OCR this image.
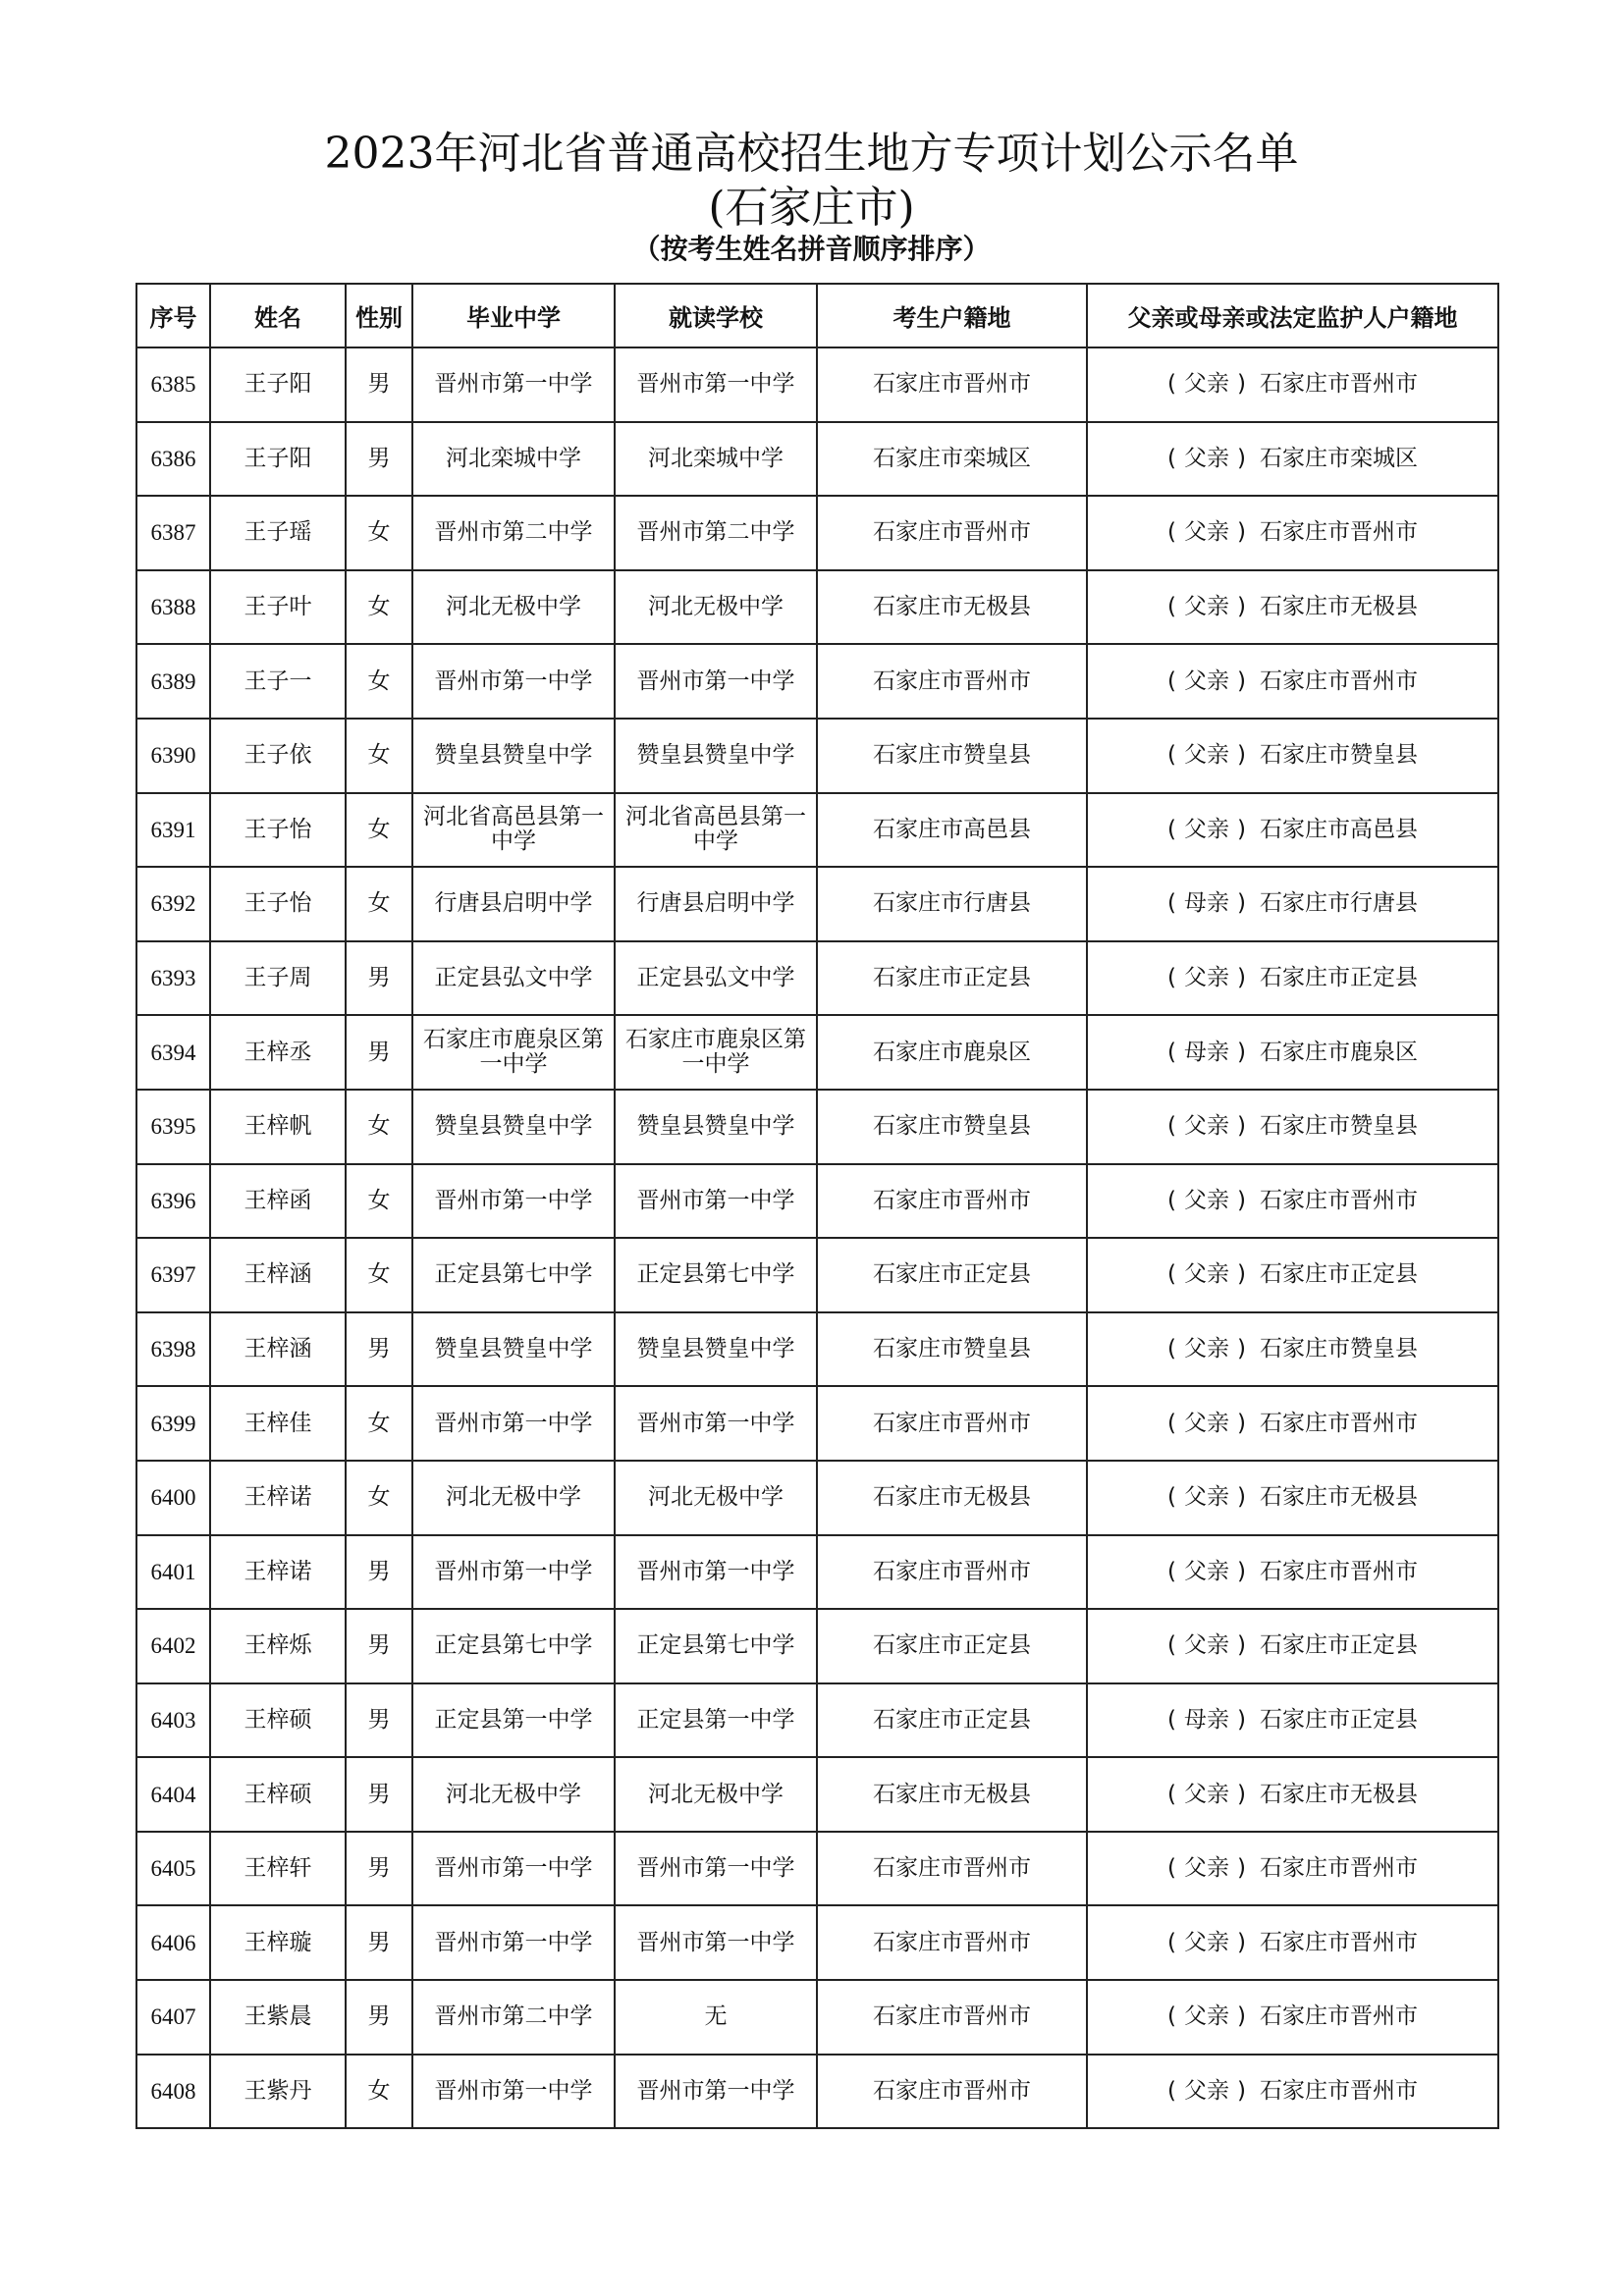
2023年河北省普通高校招生地方专项计划公示名单
(石家庄市)
（按考生姓名拼音顺序排序）
序号	姓名	性别	毕业中学	就读学校	考生户籍地	父亲或母亲或法定监护人户籍地
6385	王子阳	男	晋州市第一中学	晋州市第一中学	石家庄市晋州市	( 父亲 ) 石家庄市晋州市
6386	王子阳	男	河北栾城中学	河北栾城中学	石家庄市栾城区	( 父亲 ) 石家庄市栾城区
6387	王子瑶	女	晋州市第二中学	晋州市第二中学	石家庄市晋州市	( 父亲 ) 石家庄市晋州市
6388	王子叶	女	河北无极中学	河北无极中学	石家庄市无极县	( 父亲 ) 石家庄市无极县
6389	王子一	女	晋州市第一中学	晋州市第一中学	石家庄市晋州市	( 父亲 ) 石家庄市晋州市
6390	王子依	女	赞皇县赞皇中学	赞皇县赞皇中学	石家庄市赞皇县	( 父亲 ) 石家庄市赞皇县
6391	王子怡	女	河北省高邑县第一中学	河北省高邑县第一中学	石家庄市高邑县	( 父亲 ) 石家庄市高邑县
6392	王子怡	女	行唐县启明中学	行唐县启明中学	石家庄市行唐县	( 母亲 ) 石家庄市行唐县
6393	王子周	男	正定县弘文中学	正定县弘文中学	石家庄市正定县	( 父亲 ) 石家庄市正定县
6394	王梓丞	男	石家庄市鹿泉区第一中学	石家庄市鹿泉区第一中学	石家庄市鹿泉区	( 母亲 ) 石家庄市鹿泉区
6395	王梓帆	女	赞皇县赞皇中学	赞皇县赞皇中学	石家庄市赞皇县	( 父亲 ) 石家庄市赞皇县
6396	王梓函	女	晋州市第一中学	晋州市第一中学	石家庄市晋州市	( 父亲 ) 石家庄市晋州市
6397	王梓涵	女	正定县第七中学	正定县第七中学	石家庄市正定县	( 父亲 ) 石家庄市正定县
6398	王梓涵	男	赞皇县赞皇中学	赞皇县赞皇中学	石家庄市赞皇县	( 父亲 ) 石家庄市赞皇县
6399	王梓佳	女	晋州市第一中学	晋州市第一中学	石家庄市晋州市	( 父亲 ) 石家庄市晋州市
6400	王梓诺	女	河北无极中学	河北无极中学	石家庄市无极县	( 父亲 ) 石家庄市无极县
6401	王梓诺	男	晋州市第一中学	晋州市第一中学	石家庄市晋州市	( 父亲 ) 石家庄市晋州市
6402	王梓烁	男	正定县第七中学	正定县第七中学	石家庄市正定县	( 父亲 ) 石家庄市正定县
6403	王梓硕	男	正定县第一中学	正定县第一中学	石家庄市正定县	( 母亲 ) 石家庄市正定县
6404	王梓硕	男	河北无极中学	河北无极中学	石家庄市无极县	( 父亲 ) 石家庄市无极县
6405	王梓轩	男	晋州市第一中学	晋州市第一中学	石家庄市晋州市	( 父亲 ) 石家庄市晋州市
6406	王梓璇	男	晋州市第一中学	晋州市第一中学	石家庄市晋州市	( 父亲 ) 石家庄市晋州市
6407	王紫晨	男	晋州市第二中学	无	石家庄市晋州市	( 父亲 ) 石家庄市晋州市
6408	王紫丹	女	晋州市第一中学	晋州市第一中学	石家庄市晋州市	( 父亲 ) 石家庄市晋州市
